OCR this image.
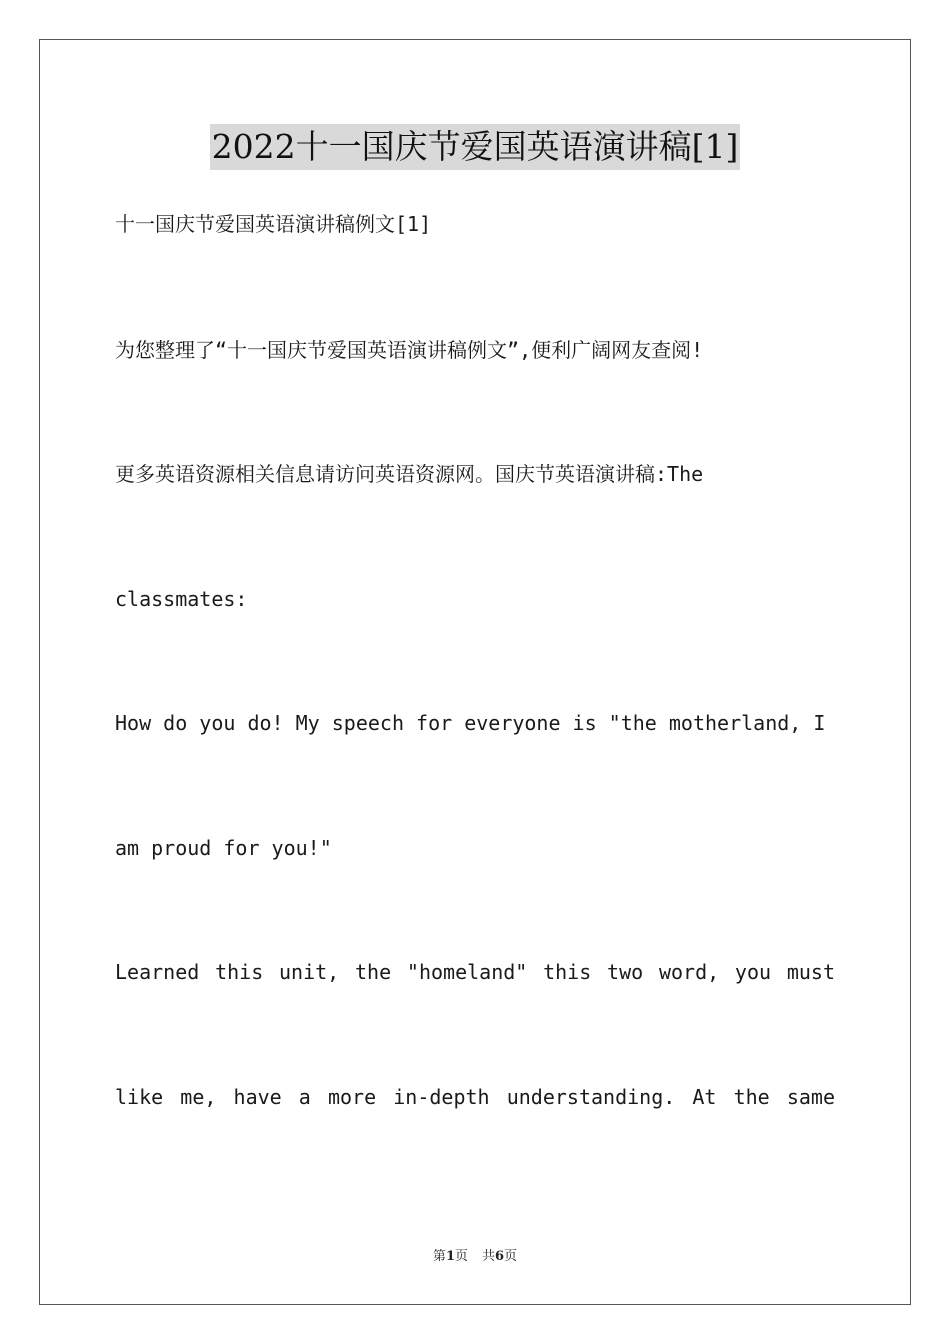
2022十一国庆节爱国英语演讲稿[1]
十一国庆节爱国英语演讲稿例文[1]
为您整理了“十一国庆节爱国英语演讲稿例文”,便利广阔网友查阅!
更多英语资源相关信息请访问英语资源网。国庆节英语演讲稿:The
classmates:
How do you do! My speech for everyone is "the motherland, I
am proud for you!"
Learned this unit, the "homeland" this two word, you must
like me, have a more in-depth understanding. At the same
第1页 共6页
